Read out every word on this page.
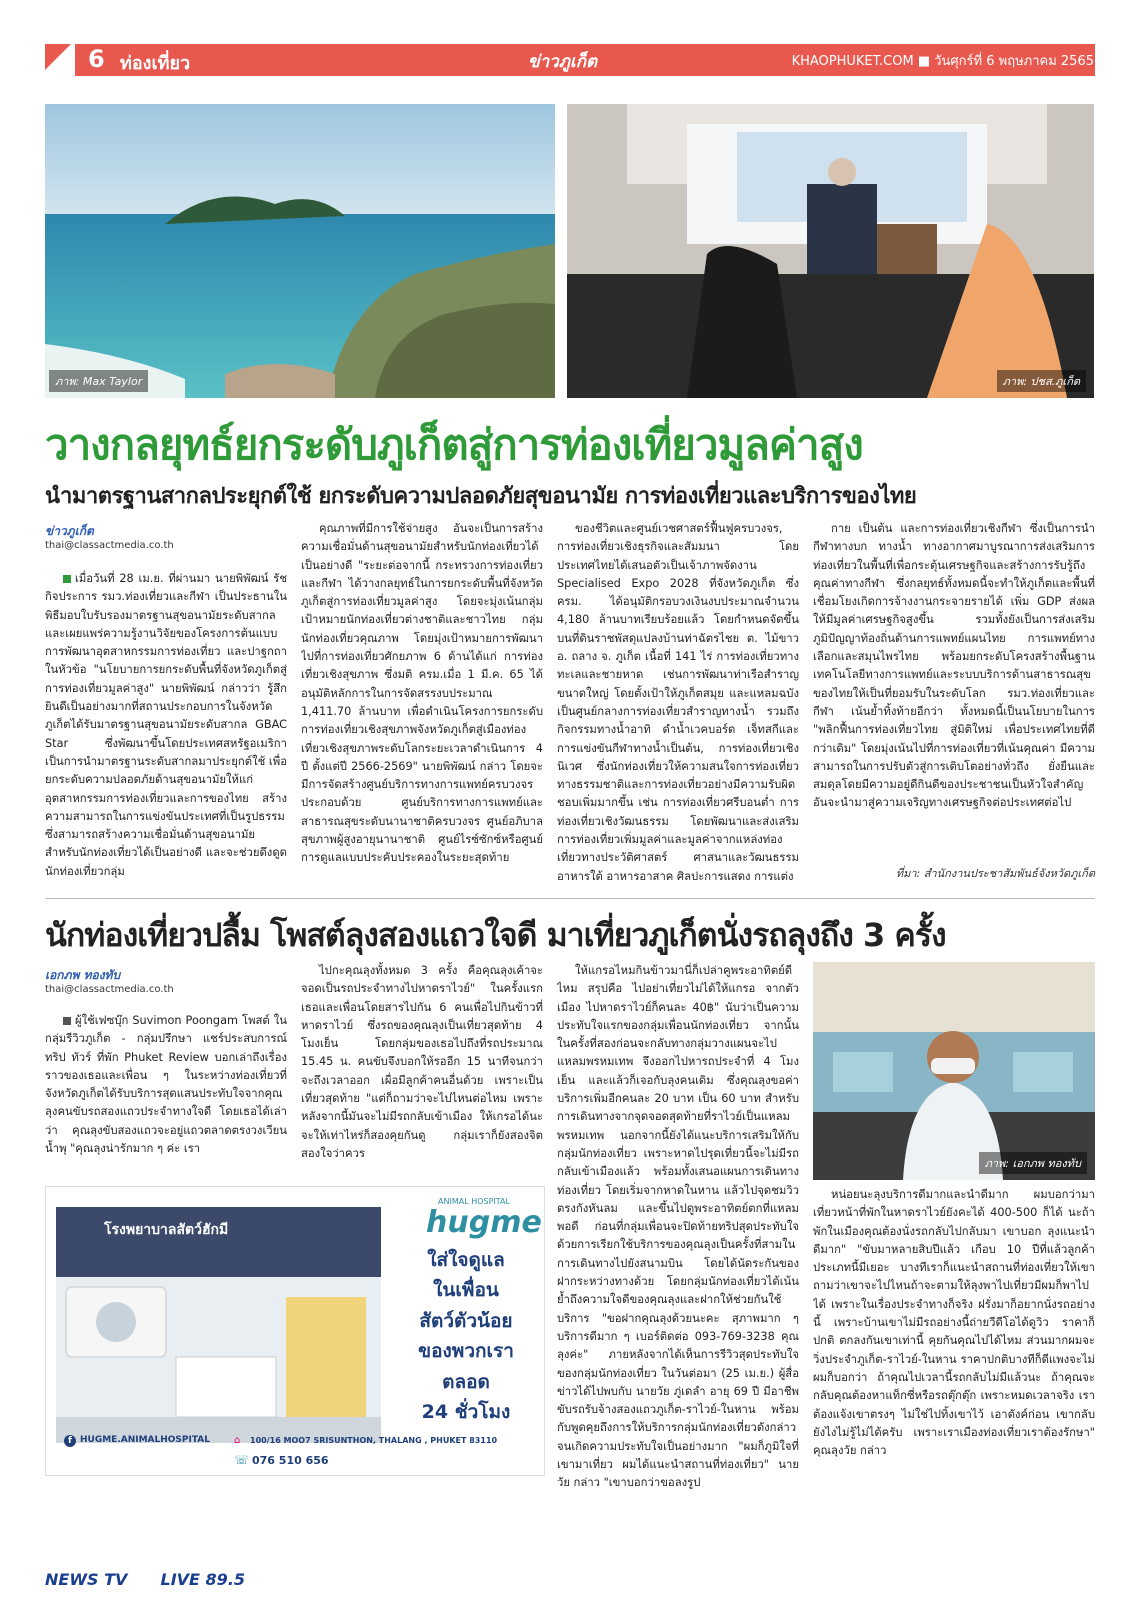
6 ท่องเที่ยว	ข่าวภูเก็ต	KHAOPHUKET.COM ■ วันศุกร์ที่ 6 พฤษภาคม 2565
ภาพ: Max Taylor	ภาพ: ปชส.ภูเก็ต
วางกลยุทธ์ยกระดับภูเก็ตสู่การท่องเที่ยวมูลค่าสูง
นำมาตรฐานสากลประยุกต์ใช้ ยกระดับความปลอดภัยสุขอนามัย การท่องเที่ยวและบริการของไทย
ข่าวภูเก็ต
thai@classactmedia.co.th

เมื่อวันที่ 28 เม.ย. ที่ผ่านมา นายพิพัฒน์ รัชกิจประการ รมว.ท่องเที่ยวและกีฬา เป็นประธานในพิธีมอบใบรับรองมาตรฐานสุขอนามัยระดับสากล และเผยแพร่ความรู้งานวิจัยของโครงการต้นแบบการพัฒนาอุตสาหกรรมการท่องเที่ยว และปาฐกถาในหัวข้อ "นโยบายการยกระดับพื้นที่จังหวัดภูเก็ตสู่การท่องเที่ยวมูลค่าสูง" นายพิพัฒน์ กล่าวว่า รู้สึกยินดีเป็นอย่างมากที่สถานประกอบการในจังหวัดภูเก็ตได้รับมาตรฐานสุขอนามัยระดับสากล GBAC Star ซึ่งพัฒนาขึ้นโดยประเทศสหรัฐอเมริกา เป็นการนำมาตรฐานระดับสากลมาประยุกต์ใช้ เพื่อยกระดับความปลอดภัยด้านสุขอนามัยให้แก่อุตสาหกรรมการท่องเที่ยวและการของไทย สร้างความสามารถในการแข่งขันประเทศที่เป็นรูปธรรม ซึ่งสามารถสร้างความเชื่อมั่นด้านสุขอนามัยสำหรับนักท่องเที่ยวได้เป็นอย่างดี และจะช่วยดึงดูดนักท่องเที่ยวกลุ่ม

คุณภาพที่มีการใช้จ่ายสูง อันจะเป็นการสร้างความเชื่อมั่นด้านสุขอนามัยสำหรับนักท่องเที่ยวได้เป็นอย่างดี "ระยะต่อจากนี้ กระทรวงการท่องเที่ยวและกีฬา ได้วางกลยุทธ์ในการยกระดับพื้นที่จังหวัดภูเก็ตสู่การท่องเที่ยวมูลค่าสูง โดยจะมุ่งเน้นกลุ่มเป้าหมายนักท่องเที่ยวต่างชาติและชาวไทย กลุ่มนักท่องเที่ยวคุณภาพ โดยมุ่งเป้าหมายการพัฒนาไปที่การท่องเที่ยวศักยภาพ 6 ด้านได้แก่ การท่องเที่ยวเชิงสุขภาพ ซึ่งมติ ครม.เมื่อ 1 มี.ค. 65 ได้อนุมัติหลักการในการจัดสรรงบประมาณ 1,411.70 ล้านบาท เพื่อดำเนินโครงการยกระดับการท่องเที่ยวเชิงสุขภาพจังหวัดภูเก็ตสู่เมืองท่องเที่ยวเชิงสุขภาพระดับโลกระยะเวลาดำเนินการ 4 ปี ตั้งแต่ปี 2566-2569" นายพิพัฒน์ กล่าว โดยจะมีการจัดสร้างศูนย์บริการทางการแพทย์ครบวงจรประกอบด้วย ศูนย์บริการทางการแพทย์และสาธารณสุขระดับนานาชาติครบวงจร ศูนย์อภิบาลสุขภาพผู้สูงอายุนานาชาติ ศูนย์ไรซ์ซักซ์หรือศูนย์การดูแลแบบประคับประคองในระยะสุดท้าย

ของชีวิตและศูนย์เวชศาสตร์ฟื้นฟูครบวงจร, การท่องเที่ยวเชิงธุรกิจและสัมมนา โดยประเทศไทยได้เสนอตัวเป็นเจ้าภาพจัดงาน Specialised Expo 2028 ที่จังหวัดภูเก็ต ซึ่ง ครม. ได้อนุมัติกรอบวงเงินงบประมาณจำนวน 4,180 ล้านบาทเรียบร้อยแล้ว โดยกำหนดจัดขึ้นบนที่ดินราชพัสดุแปลงบ้านท่าฉัตรไชย ต. ไม้ขาว อ. ถลาง จ. ภูเก็ต เนื้อที่ 141 ไร่ การท่องเที่ยวทางทะเลและชายหาด เช่นการพัฒนาท่าเรือสำราญขนาดใหญ่ โดยตั้งเป้าให้ภูเก็ตสมุย และแหลมฉบังเป็นศูนย์กลางการท่องเที่ยวสำราญทางน้ำ รวมถึงกิจกรรมทางน้ำอาทิ ดำน้ำเวคบอร์ด เจ็ทสกีและการแข่งขันกีฬาทางน้ำเป็นต้น, การท่องเที่ยวเชิงนิเวศ ซึ่งนักท่องเที่ยวให้ความสนใจการท่องเที่ยวทางธรรมชาติและการท่องเที่ยวอย่างมีความรับผิดชอบเพิ่มมากขึ้น เช่น การท่องเที่ยวศรีบอนต่ำ การท่องเที่ยวเชิงวัฒนธรรม โดยพัฒนาและส่งเสริมการท่องเที่ยวเพิ่มมูลค่าและมูลค่าจากแหล่งท่องเที่ยวทางประวัติศาสตร์ ศาสนาและวัฒนธรรมอาหารใต้ อาหารอาสาค ศิลปะการแสดง การแต่ง

กาย เป็นต้น และการท่องเที่ยวเชิงกีฬา ซึ่งเป็นการนำกีฬาทางบก ทางน้ำ ทางอากาศมาบูรณาการส่งเสริมการท่องเที่ยวในพื้นที่เพื่อกระตุ้นเศรษฐกิจและสร้างการรับรู้ถึงคุณค่าทางกีฬา ซึ่งกลยุทธ์ทั้งหมดนี้จะทำให้ภูเก็ตและพื้นที่เชื่อมโยงเกิดการจ้างงานกระจายรายได้ เพิ่ม GDP ส่งผลให้มีมูลค่าเศรษฐกิจสูงขึ้น รวมทั้งยังเป็นการส่งเสริมภูมิปัญญาท้องถิ่นด้านการแพทย์แผนไทย การแพทย์ทางเลือกและสมุนไพรไทย พร้อมยกระดับโครงสร้างพื้นฐานเทคโนโลยีทางการแพทย์และระบบบริการด้านสาธารณสุขของไทยให้เป็นที่ยอมรับในระดับโลก รมว.ท่องเที่ยวและกีฬา เน้นย้ำทิ้งท้ายอีกว่า ทั้งหมดนี้เป็นนโยบายในการ "พลิกฟื้นการท่องเที่ยวไทย สู่มิติใหม่ เพื่อประเทศไทยที่ดีกว่าเดิม" โดยมุ่งเน้นไปที่การท่องเที่ยวที่เน้นคุณค่า มีความสามารถในการปรับตัวสู่การเติบโตอย่างทั่วถึง ยั่งยืนและสมดุลโดยมีความอยู่ดีกินดีของประชาชนเป็นหัวใจสำคัญ อันจะนำมาสู่ความเจริญทางเศรษฐกิจต่อประเทศต่อไป

ที่มา: สำนักงานประชาสัมพันธ์จังหวัดภูเก็ต
นักท่องเที่ยวปลื้ม โพสต์ลุงสองแถวใจดี มาเที่ยวภูเก็ตนั่งรถลุงถึง 3 ครั้ง
เอกภพ ทองทับ
thai@classactmedia.co.th

ผู้ใช้เฟซบุ๊ก Suvimon Poongam โพสต์ ในกลุ่มรีวิวภูเก็ต - กลุ่มปรึกษา แชร์ประสบการณ์ ทริป ทัวร์ ที่พัก Phuket Review บอกเล่าถึงเรื่องราวของเธอและเพื่อน ๆ ในระหว่างท่องเที่ยวที่จังหวัดภูเก็ตได้รับบริการสุดแสนประทับใจจากคุณลุงคนขับรถสองแถวประจำทางใจดี โดยเธอได้เล่าว่า คุณลุงขับสองแถวจะอยู่แถวตลาดตรงวงเวียนน้ำพุ "คุณลุงน่ารักมาก ๆ ค่ะ เรา

ไปกะคุณลุงทั้งหมด 3 ครั้ง คือคุณลุงเค้าจะจอดเป็นรถประจำทางไปหาดราไวย์" ในครั้งแรกเธอและเพื่อนโดยสารไปกัน 6 คนเพื่อไปกินข้าวที่หาดราไวย์ ซึ่งรถของคุณลุงเป็นเที่ยวสุดท้าย 4 โมงเย็น โดยกลุ่มของเธอไปถึงที่รถประมาณ 15.45 น. คนขับจึงบอกให้รออีก 15 นาทีจนกว่าจะถึงเวลาออก เผื่อมีลูกค้าคนอื่นด้วย เพราะเป็นเที่ยวสุดท้าย "แต่ก็ถามว่าจะไปไหนต่อไหม เพราะหลังจากนี้มันจะไม่มีรถกลับเข้าเมือง ให้เกรอได้นะ จะให้เท่าไหร่ก็สองคุยกันดู กลุ่มเราก็ยังสองจิตสองใจว่าควร

ให้แกรอไหมกินข้าวมานี่ก็เปล่าคูพระอาทิตย์ดีไหม สรุปคือ ไปอย่าเที่ยวไม่ได้ให้แกรอ จากตัวเมือง ไปหาดราไวย์ก็คนละ 40฿" นับว่าเป็นความประทับใจแรกของกลุ่มเพื่อนนักท่องเที่ยว จากนั้นในครั้งที่สองก่อนจะกลับทางกลุ่มวางแผนจะไปแหลมพรหมเทพ จึงออกไปหารถประจำที่ 4 โมงเย็น และแล้วก็เจอกับลุงคนเดิม ซึ่งคุณลุงขอค่าบริการเพิ่มอีกคนละ 20 บาท เป็น 60 บาท สำหรับการเดินทางจากจุดจอดสุดท้ายที่ราไวย์เป็นแหลมพรหมเทพ นอกจากนี้ยังได้แนะบริการเสริมให้กับกลุ่มนักท่องเที่ยว เพราะหาดไปรุดเที่ยวนี้จะไม่มีรถกลับเข้าเมืองแล้ว พร้อมทั้งเสนอแผนการเดินทางท่องเที่ยว โดยเริ่มจากหาดในหาน แล้วไปจุดชมวิวตรงกังหันลม และขึ้นไปดูพระอาทิตย์ตกที่แหลมพอดี ก่อนที่กลุ่มเพื่อนจะปิดท้ายทริปสุดประทับใจด้วยการเรียกใช้บริการของคุณลุงเป็นครั้งที่สามในการเดินทางไปยังสนามบิน โดยได้นัดระกันของฝากระหว่างทางด้วย โดยกลุ่มนักท่องเที่ยวได้เน้นย้ำถึงความใจดีของคุณลุงและฝากให้ช่วยกันใช้บริการ "ขอฝากคุณลุงด้วยนะคะ สุภาพมาก ๆ บริการดีมาก ๆ เบอร์ติดต่อ 093-769-3238 คุณลุงค่ะ" ภายหลังจากได้เห็นการรีวิวสุดประทับใจของกลุ่มนักท่องเที่ยว ในวันต่อมา (25 เม.ย.) ผู้สื่อข่าวได้ไปพบกับ นายวัย ภู่เดลำ อายุ 69 ปี มีอาชีพขับรถรับจ้างสองแถวภูเก็ต-ราไวย์-ในหาน พร้อมกับพูดคุยถึงการให้บริการกลุ่มนักท่องเที่ยวดังกล่าว จนเกิดความประทับใจเป็นอย่างมาก "ผมก็ภูมิใจที่เขามาเที่ยว ผมได้แนะนำสถานที่ท่องเที่ยว" นายวัย กล่าว "เขาบอกว่าขอลงรูป

ภาพ: เอกภพ ทองทับ

หน่อยนะลุงบริการดีมากและนำดีมาก ผมบอกว่ามาเที่ยวหน้าที่พักในหาดราไวย์ยังคะได้ 400-500 ก็ได้ นะถ้าพักในเมืองคุณต้องนั่งรถกลับไปกลับมา เขาบอก ลุงแนะนำดีมาก" "ขับมาหลายสิบปีแล้ว เกือบ 10 ปีที่แล้วลูกค้าประเภทนี้มีเยอะ บางทีเราก็แนะนำสถานที่ท่องเที่ยวให้เขา ถามว่าเขาจะไปไหนถ้าจะตามให้ลุงพาไปเที่ยวมีผมก็พาไปได้ เพราะในเรื่องประจำทางก็จริง ฝรั่งมาก็อยากนั่งรถอย่างนี้ เพราะบ้านเขาไม่มีรถอย่างนี้ถ่ายวีดีโอได้ดูวิว ราคาก็ปกติ ตกลงกันเขาเท่านี้ คุยกันคุณไปได้ไหม ส่วนมากผมจะวิ่งประจำภูเก็ต-ราไวย์-ในหาน ราคาปกติบางทีก็ดีแพงจะไม่ผมก็บอกว่า ถ้าคุณไปเวลานี้รถกลับไม่มีแล้วนะ ถ้าคุณจะกลับคุณต้องหาแท็กซี่หรือรถตุ๊กตุ๊ก เพราะหมดเวลาจริง เราต้องแจ้งเขาตรงๆ ไม่ใช่ไปทิ้งเขาไว้ เอาตังค์ก่อน เขากลับยังไงไม่รู้ไม่ได้ครับ เพราะเราเมืองท่องเที่ยวเราต้องรักษา" คุณลุงวัย กล่าว

ANIMAL HOSPITAL
hugme
โรงพยาบาลสัตว์ฮักมี
ใส่ใจดูแล
ในเพื่อน
สัตว์ตัวน้อย
ของพวกเรา
ตลอด
24 ชั่วโมง
f HUGME.ANIMALHOSPITAL ⌂ 100/16 MOO7 SRISUNTHON, THALANG , PHUKET 83110
☏ 076 510 656
NEWS TV LIVE 89.5
